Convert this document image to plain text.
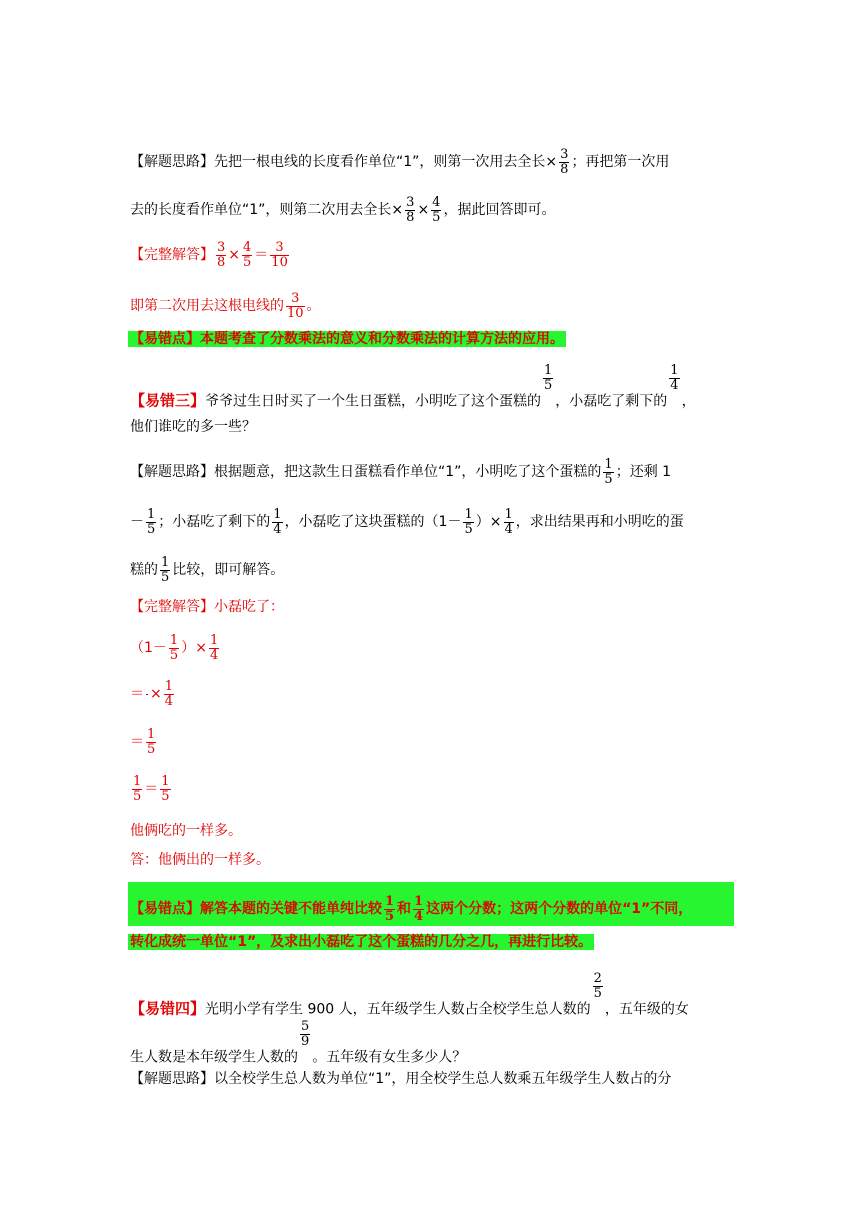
【解题思路】先把一根电线的长度看作单位“1”，则第一次用去全长× $\frac{3}{8}$ ；再把第一次用
去的长度看作单位“1”，则第二次用去全长× $\frac{3}{8} \times \frac{4}{5}$ ，据此回答即可。
【完整解答】 $\frac{3}{8} \times \frac{4}{5} = \frac{3}{10}$
即第二次用去这根电线的 $\frac{3}{10}$ 。
【易错点】本题考查了分数乘法的意义和分数乘法的计算方法的应用。
【易错三】爷爷过生日时买了一个生日蛋糕，小明吃了这个蛋糕的 $\frac{1}{5}$ ，小磊吃了剩下的 $\frac{1}{4}$ ，
他们谁吃的多一些？
【解题思路】根据题意，把这款生日蛋糕看作单位“1”，小明吃了这个蛋糕的 $\frac{1}{5}$ ；还剩 1
－ $\frac{1}{5}$ ；小磊吃了剩下的 $\frac{1}{4}$ ，小磊吃了这块蛋糕的（$1- \frac{1}{5}$ ）× $\frac{1}{4}$ ，求出结果再和小明吃的蛋
糕的 $\frac{1}{5}$ 比较，即可解答。
【完整解答】小磊吃了：
（$1- \frac{1}{5}$ ）× $\frac{1}{4}$
＝ × $\frac{1}{4}$
＝ $\frac{1}{5}$
$\frac{1}{5} = \frac{1}{5}$
他俩吃的一样多。
答：他俩出的一样多。
【易错点】解答本题的关键不能单纯比较 $\frac{1}{5}$ 和 $\frac{1}{4}$ 这两个分数；这两个分数的单位“1”不同，
转化成统一单位“1”，及求出小磊吃了这个蛋糕的几分之几，再进行比较。
【易错四】光明小学有学生 900 人，五年级学生人数占全校学生总人数的 $\frac{2}{5}$ ，五年级的女
生人数是本年级学生人数的 $\frac{5}{9}$ 。五年级有女生多少人？
【解题思路】以全校学生总人数为单位“1”，用全校学生总人数乘五年级学生人数占的分
